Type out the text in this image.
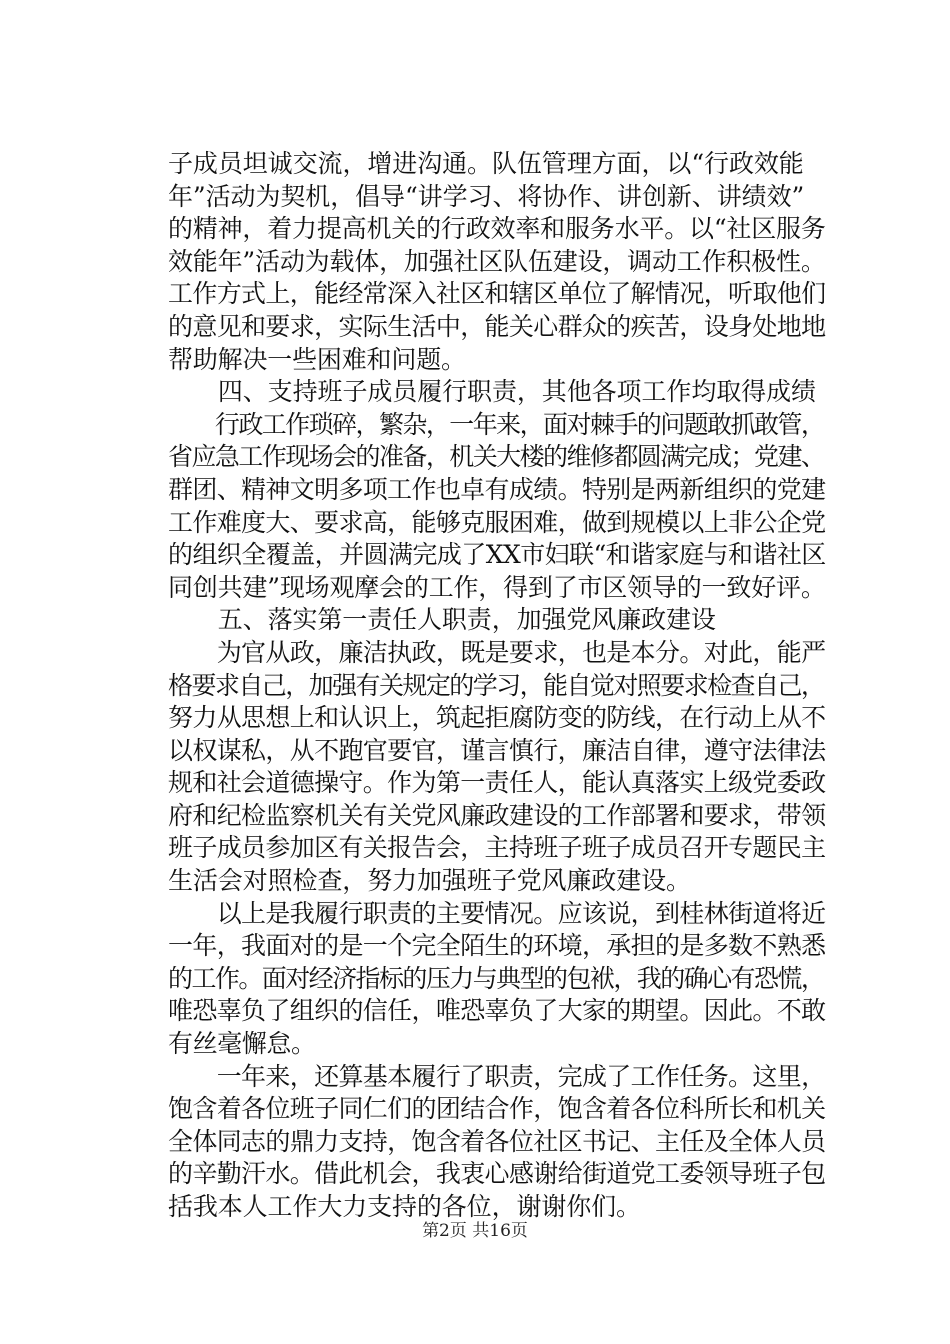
子成员坦诚交流，增进沟通。队伍管理方面，以“行政效能
年”活动为契机，倡导“讲学习、将协作、讲创新、讲绩效”
的精神，着力提高机关的行政效率和服务水平。以“社区服务
效能年”活动为载体，加强社区队伍建设，调动工作积极性。
工作方式上，能经常深入社区和辖区单位了解情况，听取他们
的意见和要求，实际生活中，能关心群众的疾苦，设身处地地
帮助解决一些困难和问题。
　　四、支持班子成员履行职责，其他各项工作均取得成绩
　　行政工作琐碎，繁杂，一年来，面对棘手的问题敢抓敢管，
省应急工作现场会的准备，机关大楼的维修都圆满完成；党建、
群团、精神文明多项工作也卓有成绩。特别是两新组织的党建
工作难度大、要求高，能够克服困难，做到规模以上非公企党
的组织全覆盖，并圆满完成了XX市妇联“和谐家庭与和谐社区
同创共建”现场观摩会的工作，得到了市区领导的一致好评。
　　五、落实第一责任人职责，加强党风廉政建设
　　为官从政，廉洁执政，既是要求，也是本分。对此，能严
格要求自己，加强有关规定的学习，能自觉对照要求检查自己，
努力从思想上和认识上，筑起拒腐防变的防线，在行动上从不
以权谋私，从不跑官要官，谨言慎行，廉洁自律，遵守法律法
规和社会道德操守。作为第一责任人，能认真落实上级党委政
府和纪检监察机关有关党风廉政建设的工作部署和要求，带领
班子成员参加区有关报告会，主持班子班子成员召开专题民主
生活会对照检查，努力加强班子党风廉政建设。
　　以上是我履行职责的主要情况。应该说，到桂林街道将近
一年，我面对的是一个完全陌生的环境，承担的是多数不熟悉
的工作。面对经济指标的压力与典型的包袱，我的确心有恐慌，
唯恐辜负了组织的信任，唯恐辜负了大家的期望。因此。不敢
有丝毫懈怠。
　　一年来，还算基本履行了职责，完成了工作任务。这里，
饱含着各位班子同仁们的团结合作，饱含着各位科所长和机关
全体同志的鼎力支持，饱含着各位社区书记、主任及全体人员
的辛勤汗水。借此机会，我衷心感谢给街道党工委领导班子包
括我本人工作大力支持的各位，谢谢你们。
第2页 共16页
